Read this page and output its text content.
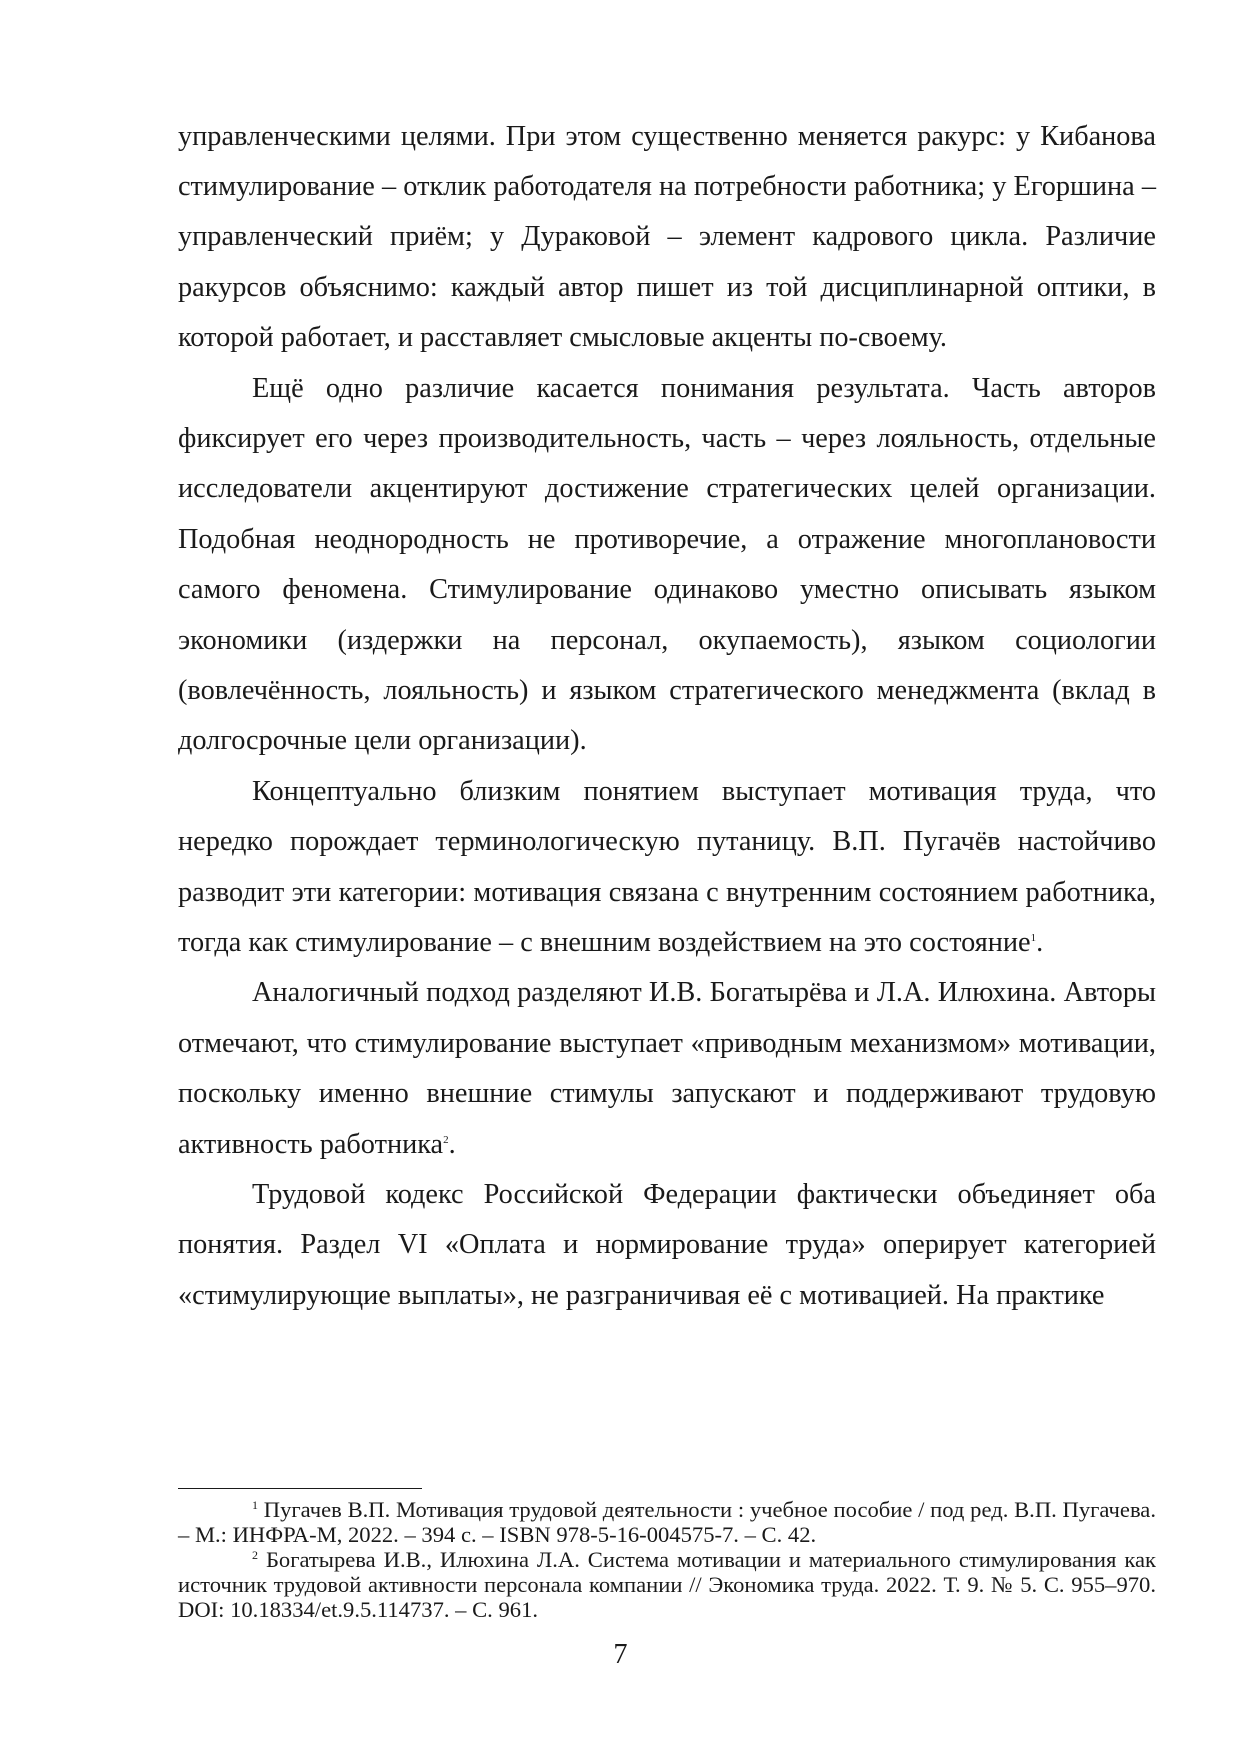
управленческими целями. При этом существенно меняется ракурс: у Кибанова стимулирование – отклик работодателя на потребности работника; у Егоршина – управленческий приём; у Дураковой – элемент кадрового цикла. Различие ракурсов объяснимо: каждый автор пишет из той дисциплинарной оптики, в которой работает, и расставляет смысловые акценты по-своему.

Ещё одно различие касается понимания результата. Часть авторов фиксирует его через производительность, часть – через лояльность, отдельные исследователи акцентируют достижение стратегических целей организации. Подобная неоднородность не противоречие, а отражение многоплановости самого феномена. Стимулирование одинаково уместно описывать языком экономики (издержки на персонал, окупаемость), языком социологии (вовлечённость, лояльность) и языком стратегического менеджмента (вклад в долгосрочные цели организации).

Концептуально близким понятием выступает мотивация труда, что нередко порождает терминологическую путаницу. В.П. Пугачёв настойчиво разводит эти категории: мотивация связана с внутренним состоянием работника, тогда как стимулирование – с внешним воздействием на это состояние$^1$.

Аналогичный подход разделяют И.В. Богатырёва и Л.А. Илюхина. Авторы отмечают, что стимулирование выступает «приводным механизмом» мотивации, поскольку именно внешние стимулы запускают и поддерживают трудовую активность работника$^2$.

Трудовой кодекс Российской Федерации фактически объединяет оба понятия. Раздел VI «Оплата и нормирование труда» оперирует категорией «стимулирующие выплаты», не разграничивая её с мотивацией. На практике

$^1$ Пугачев В.П. Мотивация трудовой деятельности : учебное пособие / под ред. В.П. Пугачева. – М.: ИНФРА-М, 2022. – 394 с. – ISBN 978-5-16-004575-7. – С. 42.

$^2$ Богатырева И.В., Илюхина Л.А. Система мотивации и материального стимулирования как источник трудовой активности персонала компании // Экономика труда. 2022. Т. 9. № 5. С. 955–970. DOI: 10.18334/et.9.5.114737. – С. 961.

7
